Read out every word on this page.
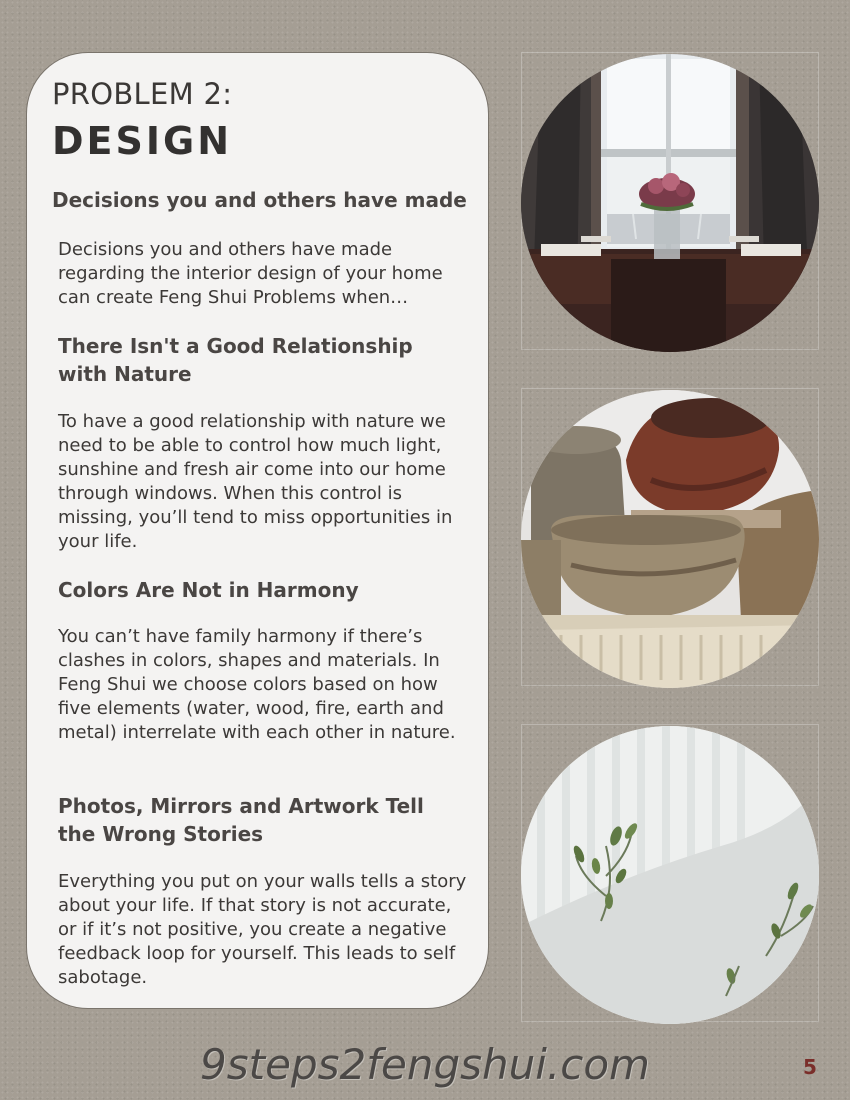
PROBLEM 2:
DESIGN
Decisions you and others have made

Decisions you and others have made regarding the interior design of your home can create Feng Shui Problems when…

There Isn't a Good Relationship with Nature

To have a good relationship with nature we need to be able to control how much light, sunshine and fresh air come into our home through windows. When this control is missing, you’ll tend to miss opportunities in your life.

Colors Are Not in Harmony

You can’t have family harmony if there’s clashes in colors, shapes and materials. In Feng Shui we choose colors based on how five elements (water, wood, fire, earth and metal) interrelate with each other in nature.

Photos, Mirrors and Artwork Tell the Wrong Stories

Everything you put on your walls tells a story about your life. If that story is not accurate, or if it’s not positive, you create a negative feedback loop for yourself. This leads to self sabotage.

9steps2fengshui.com	5
